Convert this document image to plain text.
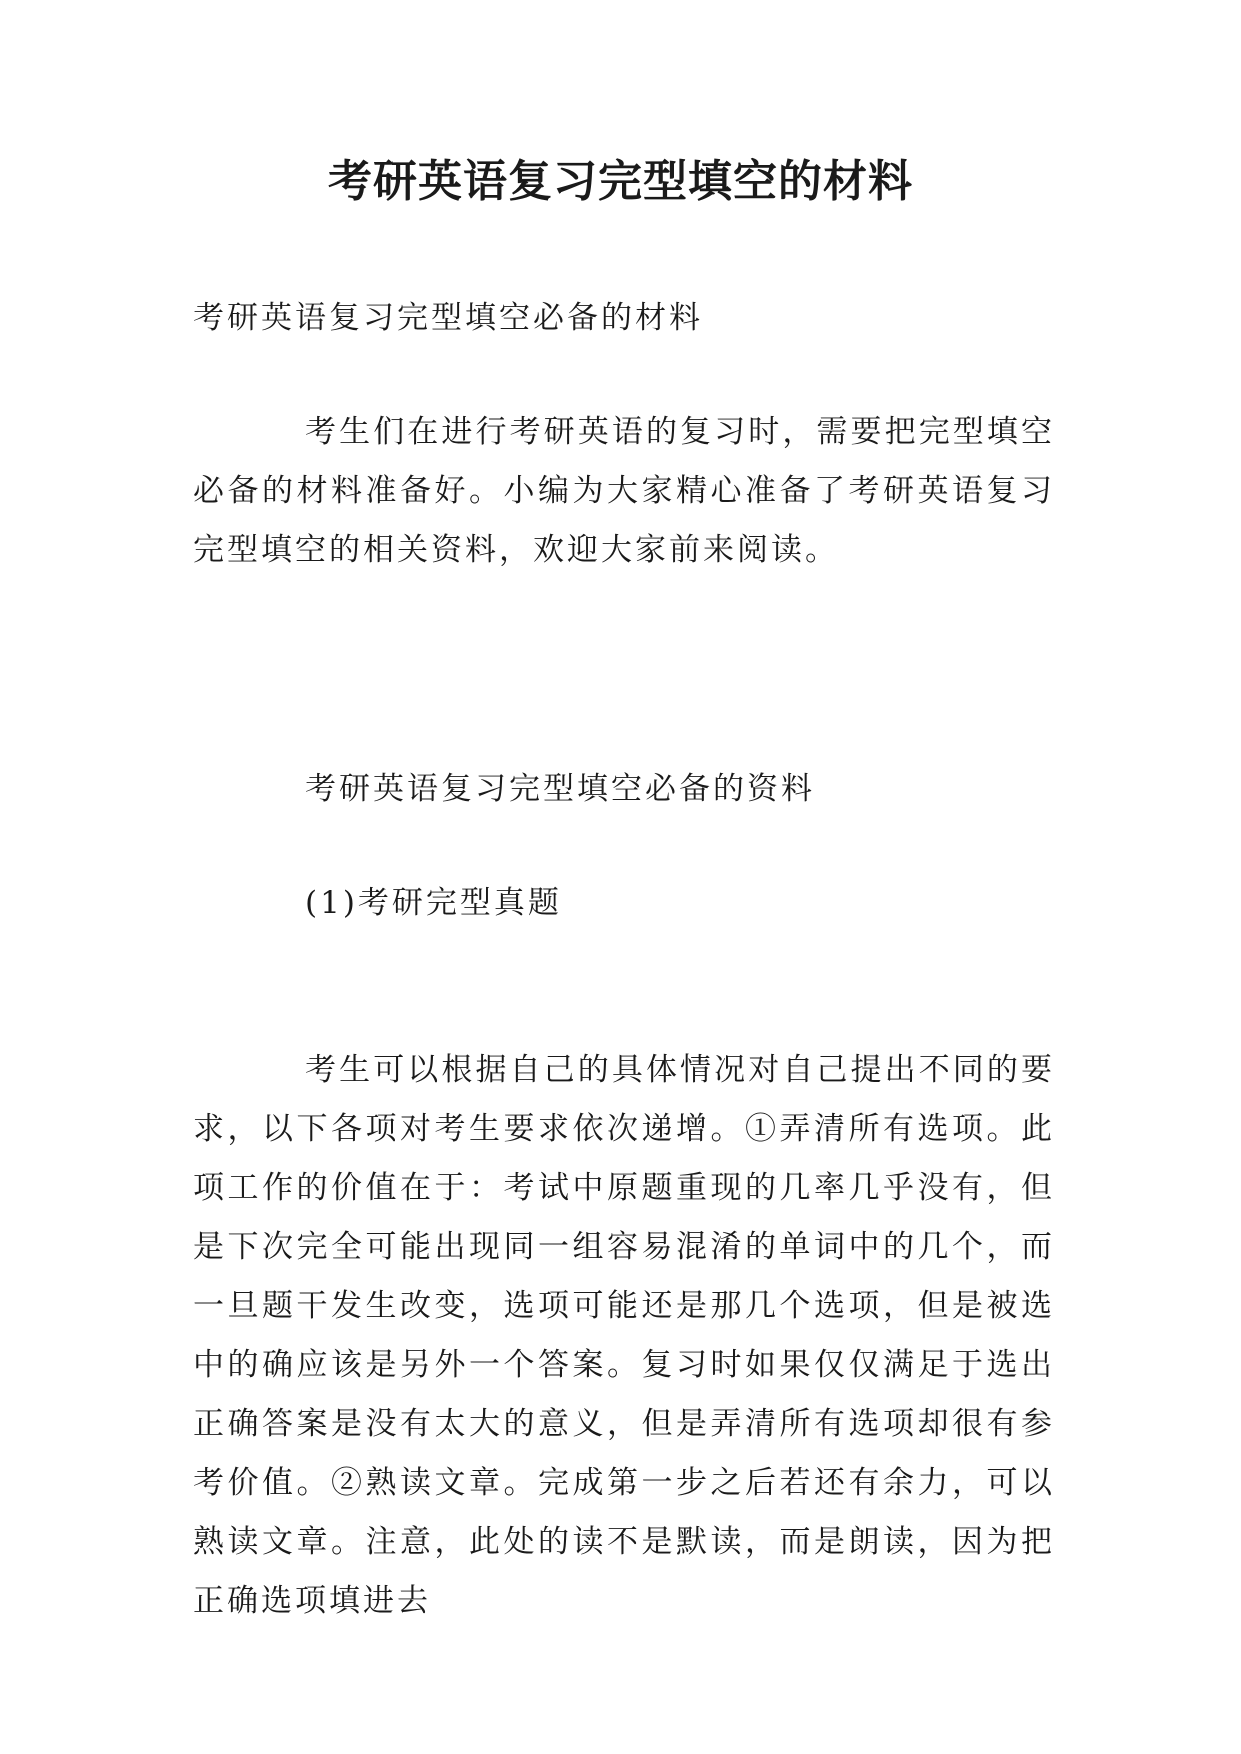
考研英语复习完型填空的材料

考研英语复习完型填空必备的材料

考生们在进行考研英语的复习时，需要把完型填空必备的材料准备好。小编为大家精心准备了考研英语复习完型填空的相关资料，欢迎大家前来阅读。

考研英语复习完型填空必备的资料

(1)考研完型真题

考生可以根据自己的具体情况对自己提出不同的要求，以下各项对考生要求依次递增。①弄清所有选项。此项工作的价值在于：考试中原题重现的几率几乎没有，但是下次完全可能出现同一组容易混淆的单词中的几个，而一旦题干发生改变，选项可能还是那几个选项，但是被选中的确应该是另外一个答案。复习时如果仅仅满足于选出正确答案是没有太大的意义，但是弄清所有选项却很有参考价值。②熟读文章。完成第一步之后若还有余力，可以熟读文章。注意，此处的读不是默读，而是朗读，因为把正确选项填进去
